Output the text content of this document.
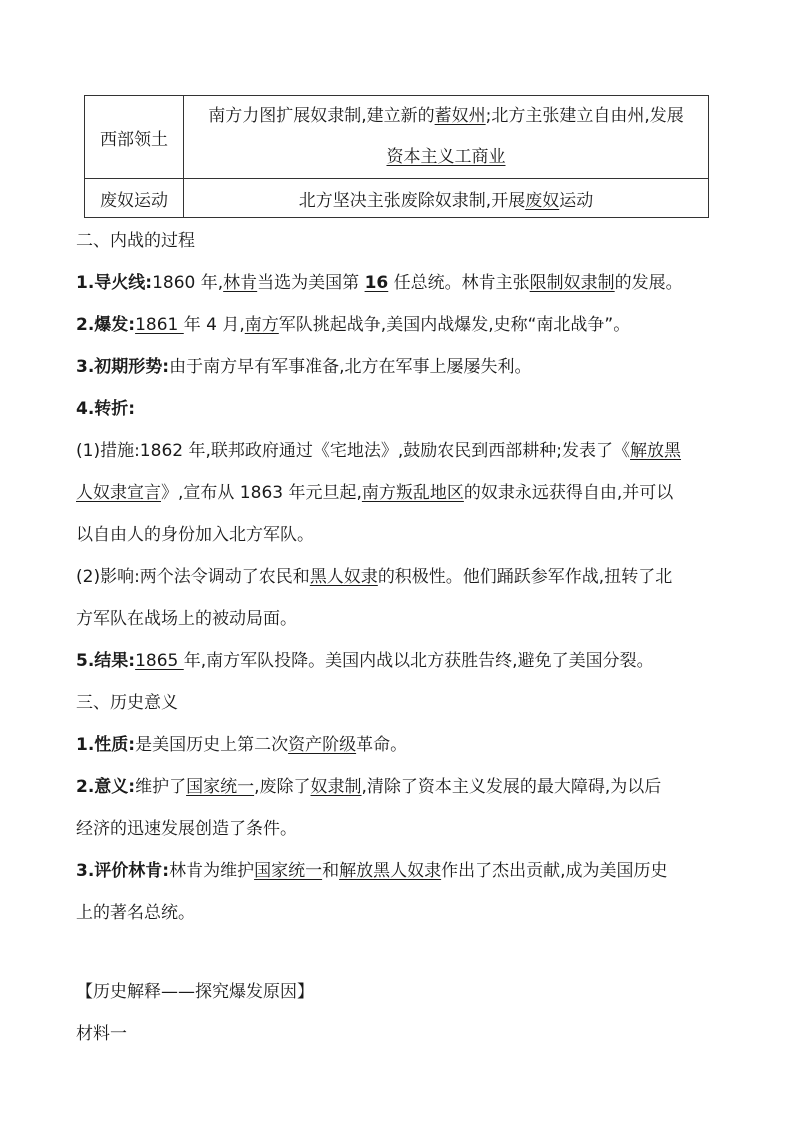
西部领土	南方力图扩展奴隶制,建立新的蓄奴州;北方主张建立自由州,发展
资本主义工商业
废奴运动	北方坚决主张废除奴隶制,开展废奴运动
二、内战的过程
1.导火线:1860 年,林肯当选为美国第 16 任总统。林肯主张限制奴隶制的发展。
2.爆发:1861 年 4 月,南方军队挑起战争,美国内战爆发,史称“南北战争”。
3.初期形势:由于南方早有军事准备,北方在军事上屡屡失利。
4.转折:
(1)措施:1862 年,联邦政府通过《宅地法》,鼓励农民到西部耕种;发表了《解放黑
人奴隶宣言》,宣布从 1863 年元旦起,南方叛乱地区的奴隶永远获得自由,并可以
以自由人的身份加入北方军队。
(2)影响:两个法令调动了农民和黑人奴隶的积极性。他们踊跃参军作战,扭转了北
方军队在战场上的被动局面。
5.结果:1865 年,南方军队投降。美国内战以北方获胜告终,避免了美国分裂。
三、历史意义
1.性质:是美国历史上第二次资产阶级革命。
2.意义:维护了国家统一,废除了奴隶制,清除了资本主义发展的最大障碍,为以后
经济的迅速发展创造了条件。
3.评价林肯:林肯为维护国家统一和解放黑人奴隶作出了杰出贡献,成为美国历史
上的著名总统。
【历史解释——探究爆发原因】
材料一
